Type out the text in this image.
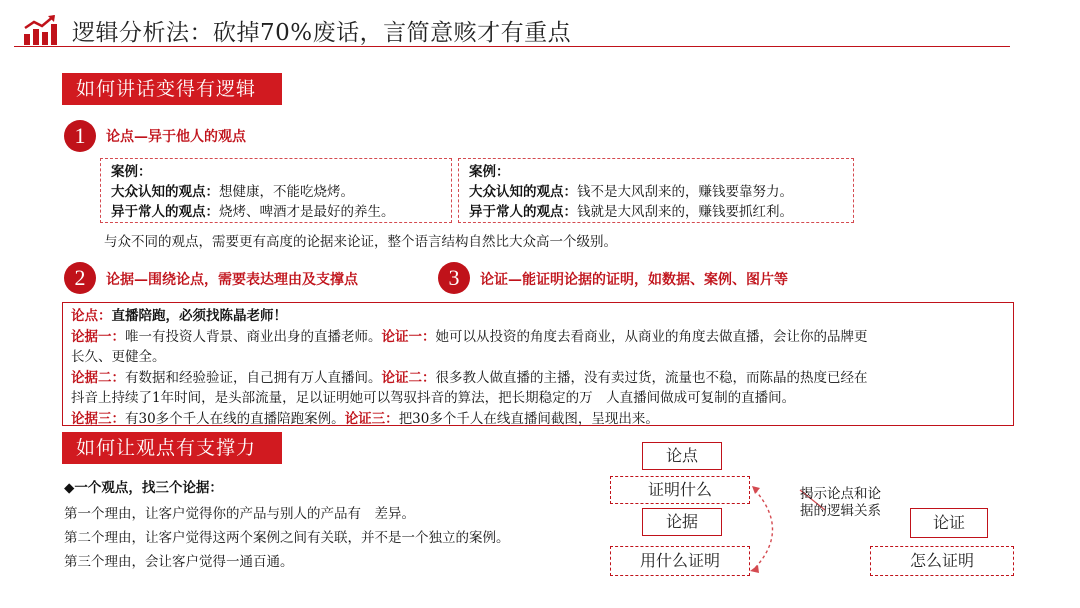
逻辑分析法：砍掉70%废话，言简意赅才有重点
如何讲话变得有逻辑
1	论点—异于他人的观点
案例：
大众认知的观点：想健康，不能吃烧烤。
异于常人的观点：烧烤、啤酒才是最好的养生。
案例：
大众认知的观点：钱不是大风刮来的，赚钱要靠努力。
异于常人的观点：钱就是大风刮来的，赚钱要抓红利。
与众不同的观点，需要更有高度的论据来论证，整个语言结构自然比大众高一个级别。
2	论据—围绕论点，需要表达理由及支撑点	3	论证—能证明论据的证明，如数据、案例、图片等
论点：直播陪跑，必须找陈晶老师！
论据一：唯一有投资人背景、商业出身的直播老师。论证一：她可以从投资的角度去看商业，从商业的角度去做直播，会让你的品牌更
长久、更健全。
论据二：有数据和经验验证，自己拥有万人直播间。论证二：很多教人做直播的主播，没有卖过货，流量也不稳，而陈晶的热度已经在
抖音上持续了1年时间，是头部流量，足以证明她可以驾驭抖音的算法，把长期稳定的万　人直播间做成可复制的直播间。
论据三：有30多个千人在线的直播陪跑案例。论证三：把30多个千人在线直播间截图，呈现出来。
如何让观点有支撑力
◆一个观点，找三个论据：
第一个理由，让客户觉得你的产品与别人的产品有　差异。
第二个理由，让客户觉得这两个案例之间有关联，并不是一个独立的案例。
第三个理由，会让客户觉得一通百通。
论点
证明什么
论据
用什么证明
揭示论点和论
据的逻辑关系
论证
怎么证明
